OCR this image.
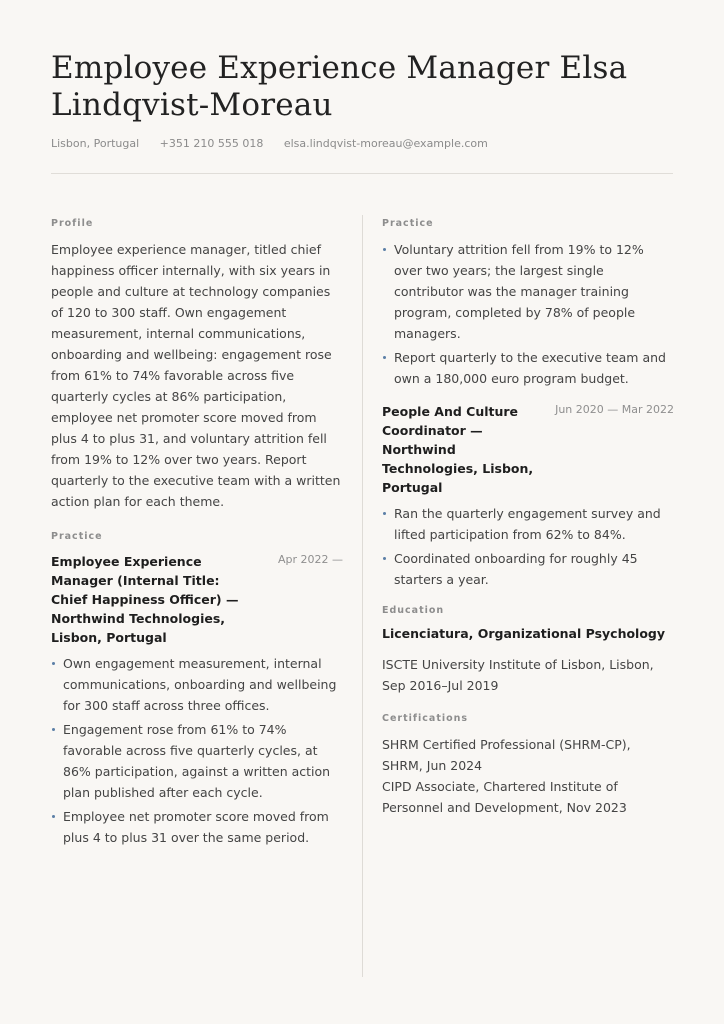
Employee Experience Manager Elsa Lindqvist-Moreau
Lisbon, Portugal +351 210 555 018 elsa.lindqvist-moreau@example.com
Profile

Employee experience manager, titled chief happiness officer internally, with six years in people and culture at technology companies of 120 to 300 staff. Own engagement measurement, internal communications, onboarding and wellbeing: engagement rose from 61% to 74% favorable across five quarterly cycles at 86% participation, employee net promoter score moved from plus 4 to plus 31, and voluntary attrition fell from 19% to 12% over two years. Report quarterly to the executive team with a written action plan for each theme.

Practice
Employee Experience Manager (Internal Title: Chief Happiness Officer) — Northwind Technologies, Lisbon, Portugal
Apr 2022 —
Own engagement measurement, internal communications, onboarding and wellbeing for 300 staff across three offices.
Engagement rose from 61% to 74% favorable across five quarterly cycles, at 86% participation, against a written action plan published after each cycle.
Employee net promoter score moved from plus 4 to plus 31 over the same period.
Practice
Voluntary attrition fell from 19% to 12% over two years; the largest single contributor was the manager training program, completed by 78% of people managers.
Report quarterly to the executive team and own a 180,000 euro program budget.
People And Culture Coordinator — Northwind Technologies, Lisbon, Portugal
Jun 2020 — Mar 2022
Ran the quarterly engagement survey and lifted participation from 62% to 84%.
Coordinated onboarding for roughly 45 starters a year.
Education

Licenciatura, Organizational Psychology

ISCTE University Institute of Lisbon, Lisbon, Sep 2016–Jul 2019

Certifications

SHRM Certified Professional (SHRM-CP), SHRM, Jun 2024

CIPD Associate, Chartered Institute of Personnel and Development, Nov 2023
